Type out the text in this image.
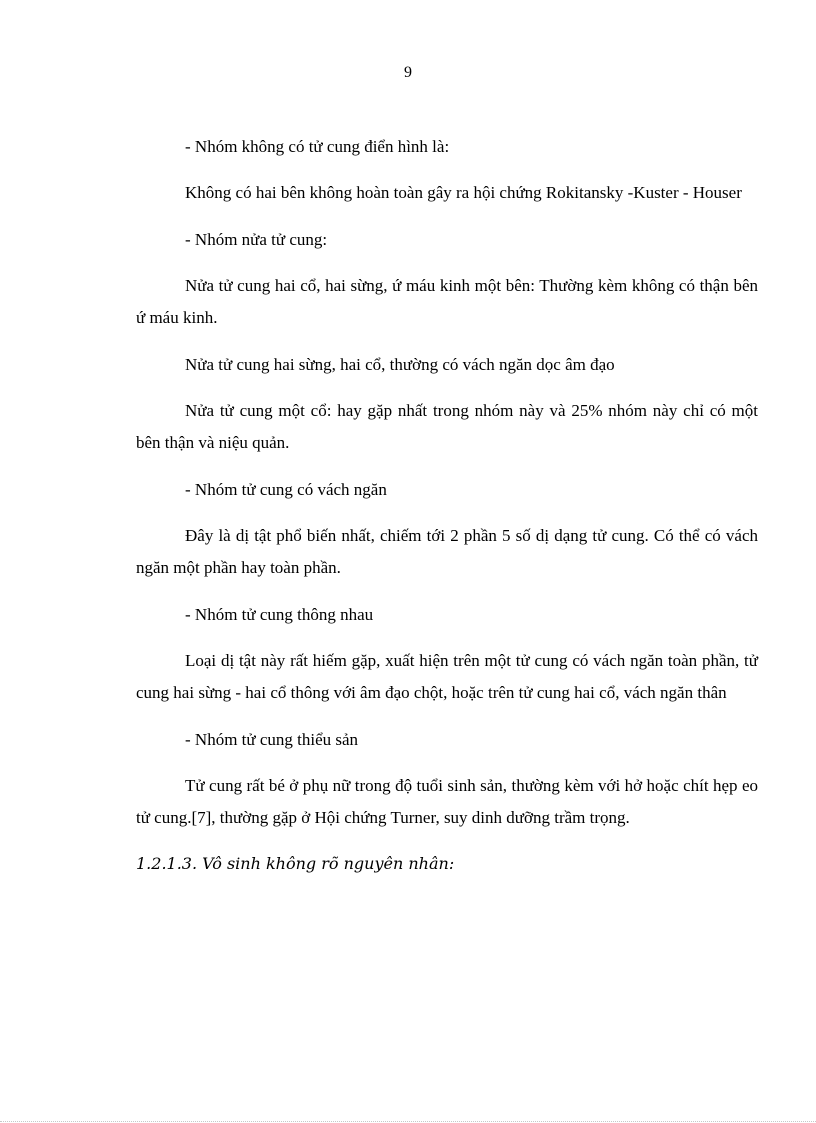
9

- Nhóm không có tử cung điển hình là:

Không có hai bên không hoàn toàn gây ra hội chứng Rokitansky -Kuster - Houser

- Nhóm nửa tử cung:

Nửa tử cung hai cổ, hai sừng, ứ máu kinh một bên: Thường kèm không có thận bên ứ máu kinh.

Nửa tử cung hai sừng, hai cổ, thường có vách ngăn dọc âm đạo

Nửa tử cung một cổ: hay gặp nhất trong nhóm này và 25% nhóm này chỉ có một bên thận và niệu quản.

- Nhóm tử cung có vách ngăn

Đây là dị tật phổ biến nhất, chiếm tới 2 phần 5 số dị dạng tử cung. Có thể có vách ngăn một phần hay toàn phần.

- Nhóm tử cung thông nhau

Loại dị tật này rất hiếm gặp, xuất hiện trên một tử cung có vách ngăn toàn phần, tử cung hai sừng - hai cổ thông với âm đạo chột, hoặc trên tử cung hai cổ, vách ngăn thân

- Nhóm tử cung thiểu sản

Tử cung rất bé ở phụ nữ trong độ tuổi sinh sản, thường kèm với hở hoặc chít hẹp eo tử cung.[7], thường gặp ở Hội chứng Turner, suy dinh dưỡng trầm trọng.

1.2.1.3. Vô sinh không rõ nguyên nhân:
